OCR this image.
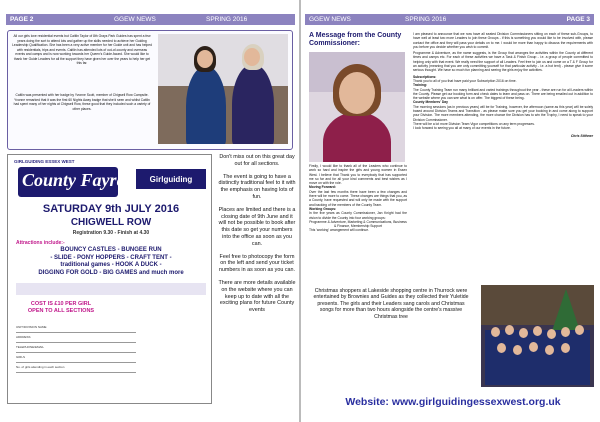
PAGE 2	GGEW NEWS	SPRING 2016
All our girls love residential events but Caitlin Taylor of 8th Grays Park Guides has spent a few years doing the sort to attend lots and gather up the skills needed to achieve her Guiding Leadership Qualification. She has been a very active member for her Guide unit and has helped with residentials, trips and events. Caitlin has attended lots of out-of-county and overseas events and camps and is now working towards her Queen's Guide Award. She would like to thank her Guide Leaders for all the support they have given her over the years to help her get this far.
Caitlin was presented with her badge by Yvonne Scott, member of Chigwell Row Campsite. Yvonne remarked that it was the first 60 Nights Away badge that she'd seen and whilst Caitlin had spent many of her nights at Chigwell Row, these good that they included such a variety of other places.
GIRLGUIDING ESSEX WEST
County Fayre	Girlguiding
SATURDAY 9th JULY 2016
CHIGWELL ROW
Registration 9.30 - Finish at 4.30
Attractions include:-
BOUNCY CASTLES - BUNGEE RUN
- SLIDE - PONY HOPPERS - CRAFT TENT -
traditional games - HOOK A DUCK -
DIGGING FOR GOLD - BIG GAMES and much more
COST IS £10 PER GIRL
OPEN TO ALL SECTIONS
UNIT/DIVISION NAME
ADDRESS
TELEPHONE/EMAIL
GIRLS
No. of girls attending in each section

Don't miss out on this great day out for all sections.

The event is going to have a distinctly traditional feel to it with the emphasis on having lots of fun.

Places are limited and there is a closing date of 9th June and it will not be possible to book after this date so get your numbers into the office as soon as you can.

Feel free to photocopy the form on the left and send your ticket numbers in as soon as you can.

There are more details available on the website where you can keep up to date with all the exciting plans for future County events

GGEW NEWS	SPRING 2016	PAGE 3
A Message from the County Commissioner:

Firstly, I would like to thank all of the Leaders who continue to work so hard and inspire the girls and young women in Essex West. I believe that Thank you to everybody that has supported me so far and for all your kind comments and best wishes as I move on with the role.

Moving Forward:

Over the last few months there have been a few changes and there will be more to come. These changes are things that you, as a County, have requested and will only be made with the support and backing of the members of the County Team.

Working Groups:

In the five years as County Commissioner, Jan Knight had the vision to divide the County into four working groups:

Programme & Adventure, Marketing & Communications, Business & Finance, Membership Support

This 'working' arrangement will continue.

I am pleased to announce that we now have all seated Division Commissioners sitting on each of these sub-Groups, to have well at least two more Leaders to join these Groups - if this is something you would like to be involved with, please contact the office and they will pass your details on to me. I would be more than happy to discuss the requirements with you before you decide whether you wish to commit.

Programme & Adventure, as the name suggests, is the Group that arranges the activities within the County at different times and camps etc. For each of these activities we have a Task & Finish Group - i.e. a group of people committed to helping only with that event. We really need the support of all Leaders. Feel free to join us and come on a T & F Group for an activity (meaning that you are only committing yourself for that particular activity - i.e. a hot tent) - please give it some serious thought. We have so much fun planning and seeing the girls enjoy the activities.

Subscriptions:

Thank you to all of you that have paid your Subscription 2016 on time.

Training:

The County Training Team run many brilliant and varied trainings throughout the year - these are run for all Leaders within the County. Please get our booking form and check dates to learn and pass on. There are being emailed out in addition to the website where you can see what is on offer. The biggest of these being-

County Members' Day

The morning sessions (as in previous years) will be for Training, however, the afternoon (same as this year) will be solely based around Division Teams and Transition - as please make sure you get your booking in and come along to support your Division. The more members attending, the more chance the Division has to win the Trophy, I need to speak to your Division Commissioner.

There will be a lot more Division Team Vigor competitions on any term progresses.

I look forward to seeing you all at many of our events in the future.

Chris Stithner

Christmas shoppers at Lakeside shopping centre in Thurrock were entertained by Brownies and Guides as they collected their Yuletide presents. The girls and their Leaders sang carols and Christmas songs for more than two hours alongside the centre's massive Christmas tree
Website: www.girlguidingessexwest.org.uk
